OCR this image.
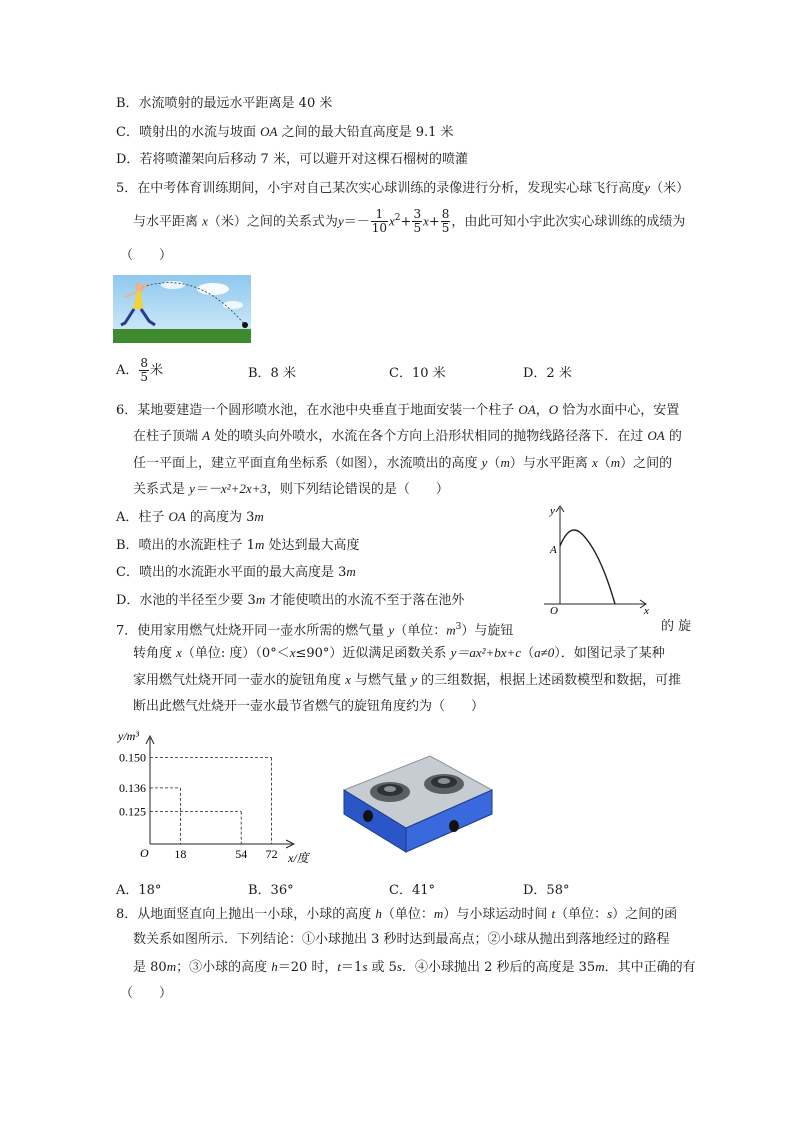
B．水流喷射的最远水平距离是 40 米
C．喷射出的水流与坡面 OA 之间的最大铅直高度是 9.1 米
D．若将喷灌架向后移动 7 米，可以避开对这棵石榴树的喷灌
5．在中考体育训练期间，小宇对自己某次实心球训练的录像进行分析，发现实心球飞行高度y（米）
与水平距离 x（米）之间的关系式为$y=- \frac{1}{10} x^2+ \frac{3}{5} x+ \frac{8}{5}$ ，由此可知小宇此次实心球训练的成绩为
（　　）
A． $\frac{8}{5}$ 米	B．8 米	C．10 米	D．2 米
6．某地要建造一个圆形喷水池，在水池中央垂直于地面安装一个柱子 OA，O 恰为水面中心，安置
在柱子顶端 A 处的喷头向外喷水，水流在各个方向上沿形状相同的抛物线路径落下．在过 OA 的
任一平面上，建立平面直角坐标系（如图），水流喷出的高度 y（m）与水平距离 x（m）之间的
关系式是 y＝－x²+2x+3，则下列结论错误的是（　　）
A．柱子 OA 的高度为 3m
B．喷出的水流距柱子 1m 处达到最大高度
C．喷出的水流距水平面的最大高度是 3m
D．水池的半径至少要 3m 才能使喷出的水流不至于落在池外
y
A
O	x
7．使用家用燃气灶烧开同一壶水所需的燃气量 y（单位：$m^3$）与旋钮	的 旋
转角度 x（单位: 度）（0°＜x≤90°）近似满足函数关系 y＝ax²+bx+c（a≠0）．如图记录了某种
家用燃气灶烧开同一壶水的旋钮角度 x 与燃气量 y 的三组数据，根据上述函数模型和数据，可推
断出此燃气灶烧开一壶水最节省燃气的旋钮角度约为（　　）
y/m³
x/度
O 18	54 72
0.150
0.136
0.125
A．18°	B．36°	C．41°	D．58°
8．从地面竖直向上抛出一小球，小球的高度 h（单位：m）与小球运动时间 t（单位：s）之间的函
数关系如图所示．下列结论：①小球抛出 3 秒时达到最高点；②小球从抛出到落地经过的路程
是 80m；③小球的高度 h＝20 时，t＝1s 或 5s．④小球抛出 2 秒后的高度是 35m．其中正确的有
（　　）
